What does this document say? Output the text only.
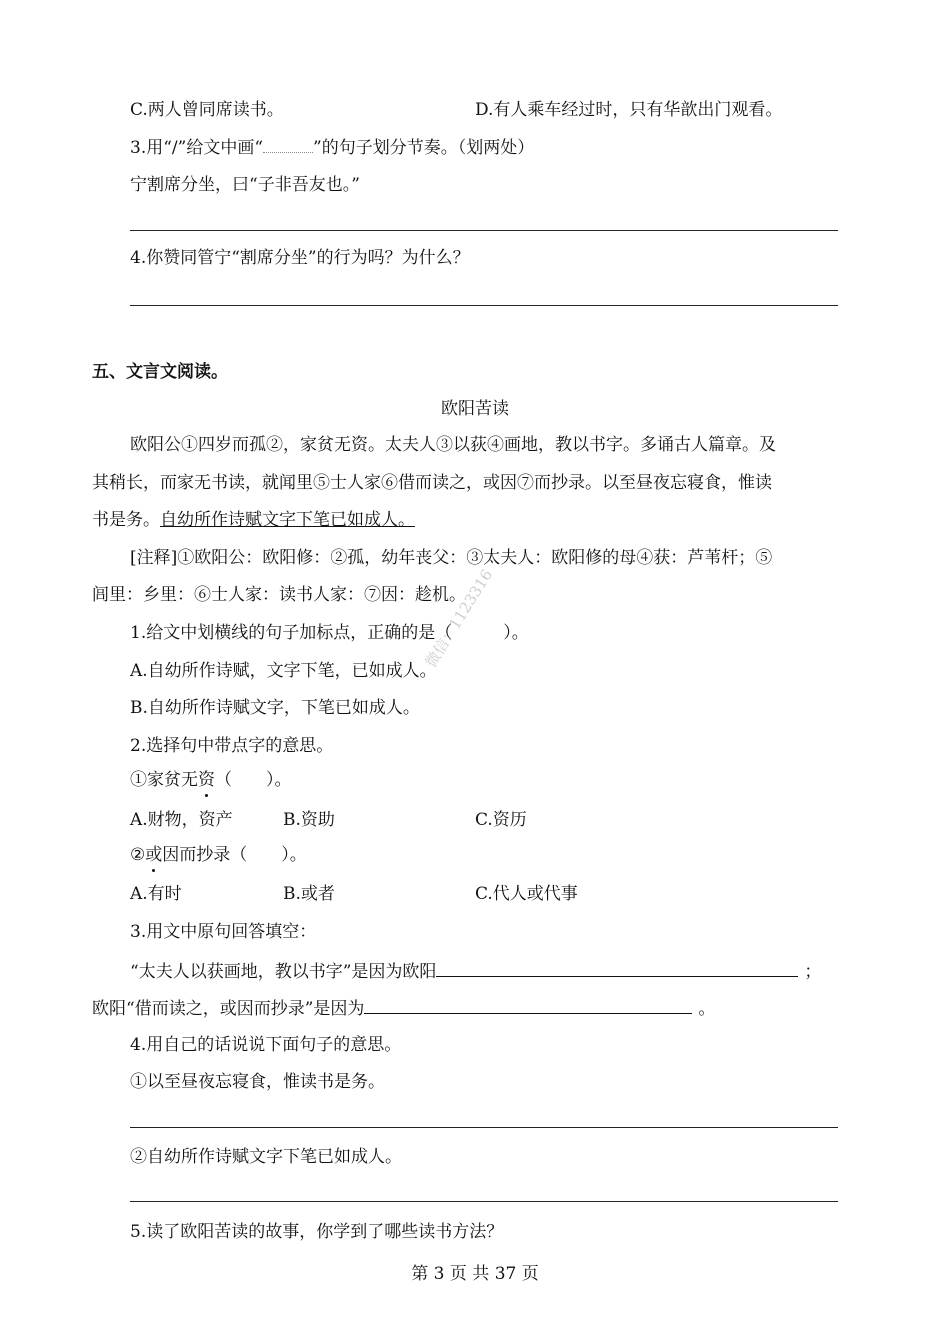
微信：1123316
C.两人曾同席读书。	D.有人乘车经过时，只有华歆出门观看。
3.用“/”给文中画“	”的句子划分节奏。（划两处）
宁割席分坐，曰“子非吾友也。”
4.你赞同管宁“割席分坐”的行为吗？为什么？
五、文言文阅读。
欧阳苦读
欧阳公①四岁而孤②，家贫无资。太夫人③以荻④画地，教以书字。多诵古人篇章。及
其稍长，而家无书读，就闻里⑤士人家⑥借而读之，或因⑦而抄录。以至昼夜忘寝食，惟读
书是务。自幼所作诗赋文字下笔已如成人。
[注释]①欧阳公：欧阳修：②孤，幼年丧父：③太夫人：欧阳修的母④获：芦苇杆；⑤
闾里：乡里：⑥士人家：读书人家：⑦因：趁机。
1.给文中划横线的句子加标点，正确的是（　　　）。
A.自幼所作诗赋，文字下笔，已如成人。
B.自幼所作诗赋文字，下笔已如成人。
2.选择句中带点字的意思。
①家贫无资（　　）。
A.财物，资产	B.资助	C.资历
②或因而抄录（　　）。
A.有时	B.或者	C.代人或代事
3.用文中原句回答填空：
“太夫人以获画地，教以书字”是因为欧阳	；
欧阳“借而读之，或因而抄录”是因为	。
4.用自己的话说说下面句子的意思。
①以至昼夜忘寝食，惟读书是务。
②自幼所作诗赋文字下笔已如成人。
5.读了欧阳苦读的故事，你学到了哪些读书方法？
第 3 页 共 37 页
